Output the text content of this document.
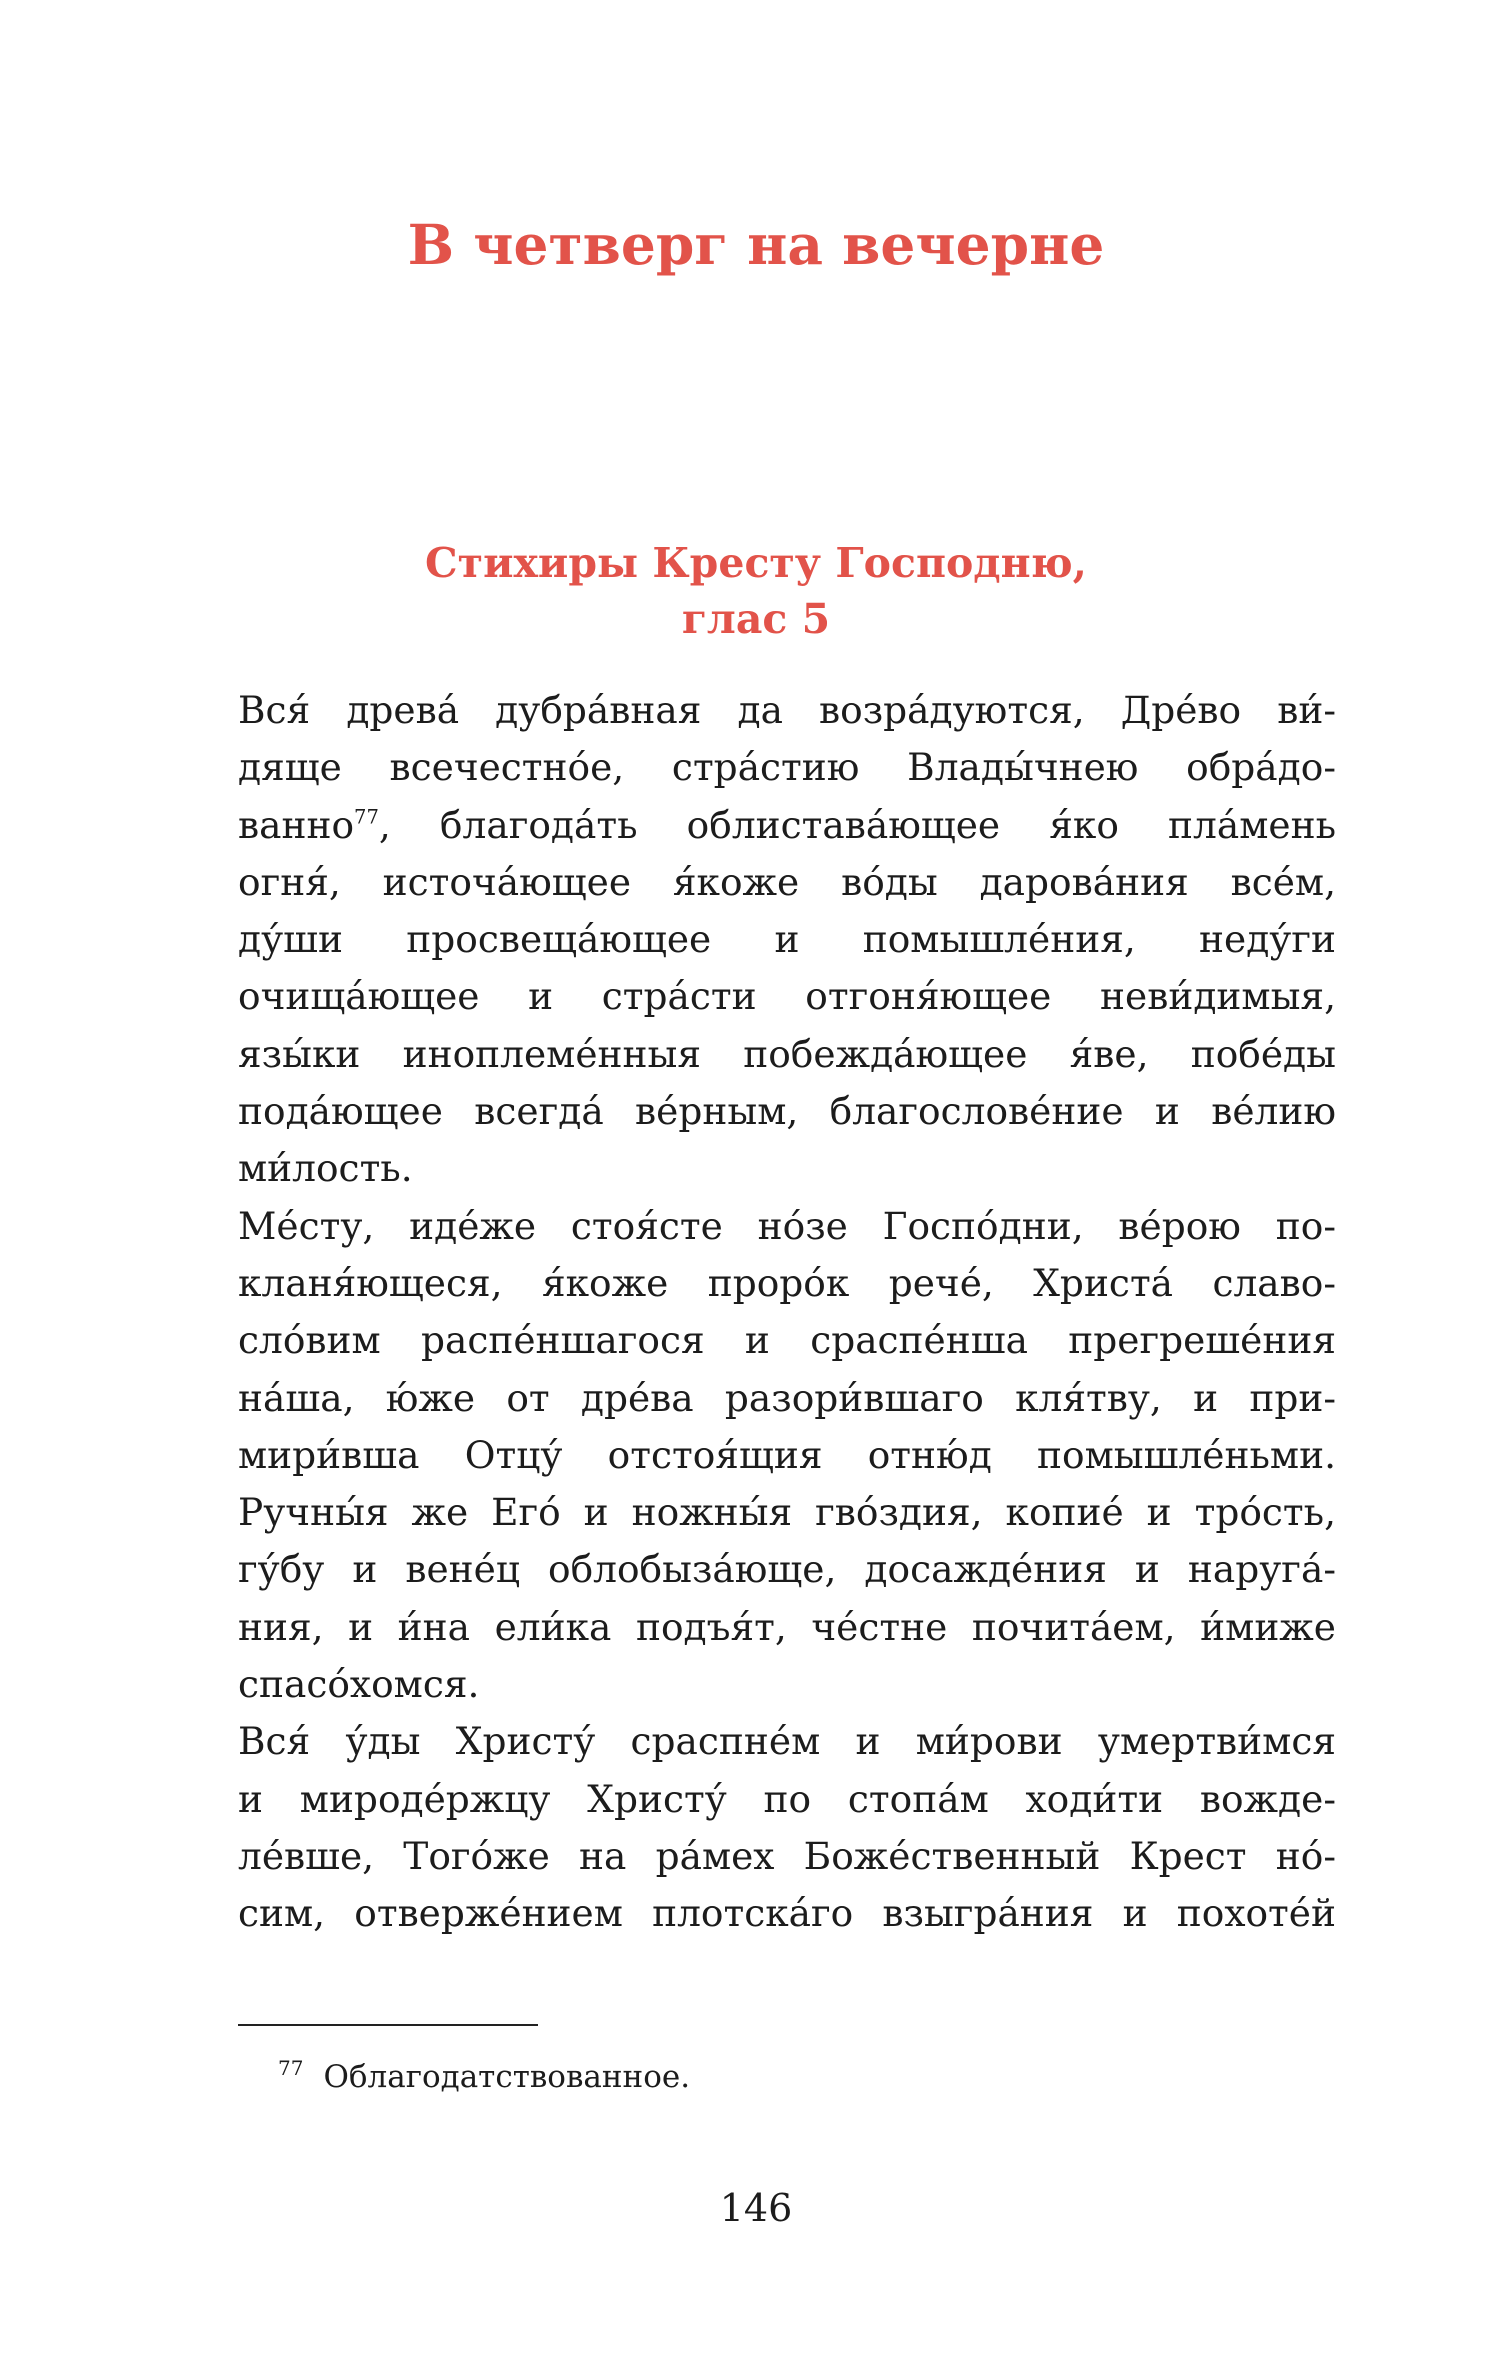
В четверг на вечерне
Стихиры Кресту Господню,
глас 5
Вся́ древа́ дубра́вная да возра́дуются, Дре́во ви́-
дяще всечестно́е, стра́стию Влады́чнею обра́до-
ванно$^{77}$, благода́ть облистава́ющее я́ко пла́мень
огня́, источа́ющее я́коже во́ды дарова́ния все́м,
ду́ши просвеща́ющее и помышле́ния, неду́ги
очища́ющее и стра́сти отгоня́ющее неви́димыя,
язы́ки иноплеме́нныя побежда́ющее я́ве, побе́ды
пода́ющее всегда́ ве́рным, благослове́ние и ве́лию
ми́лость.
Ме́сту, иде́же стоя́сте но́зе Госпо́дни, ве́рою по-
кланя́ющеся, я́коже проро́к рече́, Христа́ славо-
сло́вим распе́ншагося и сраспе́нша прегреше́ния
на́ша, ю́же от дре́ва разори́вшаго кля́тву, и при-
мири́вша Отцу́ отстоя́щия отню́д помышле́ньми.
Ручны́я же Его́ и ножны́я гво́здия, копие́ и тро́сть,
гу́бу и вене́ц облобыза́юще, досажде́ния и наруга́-
ния, и и́на ели́ка подъя́т, че́стне почита́ем, и́миже
спасо́хомся.
Вся́ у́ды Христу́ сраспне́м и ми́рови умертви́мся
и миродéржцу Христу́ по стопа́м ходи́ти вожде-
ле́вше, Того́же на ра́мех Боже́ственный Крест но́-
сим, отверже́нием плотска́го взыгра́ния и похоте́й
$^{77}$ Облагодатствованное.
146
